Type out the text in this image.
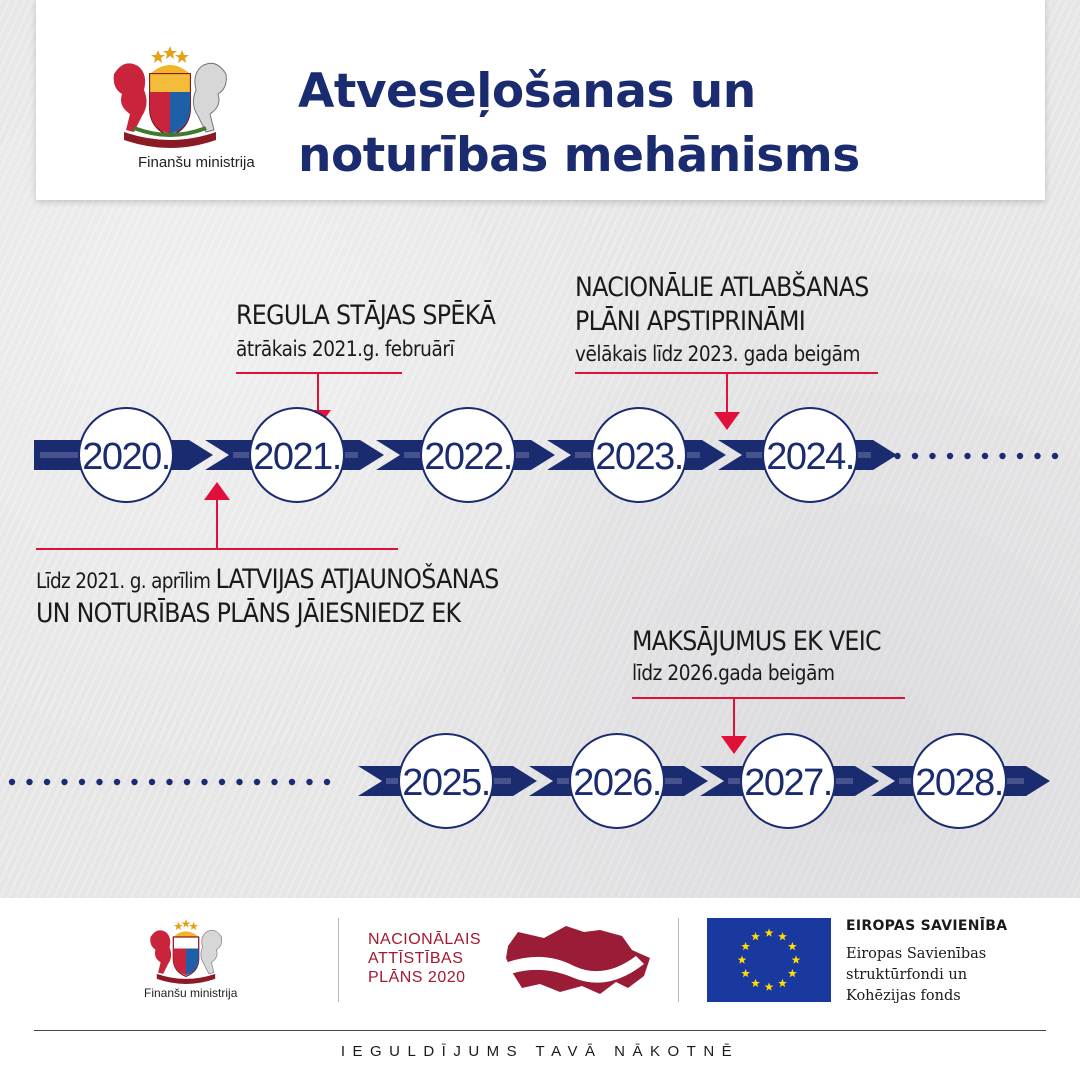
Finanšu ministrija
Atveseļošanas un
noturības mehānisms
2020. 2021. 2022. 2023. 2024.
2025. 2026. 2027. 2028.
REGULA STĀJAS SPĒKĀ
ātrākais 2021.g. februārī
NACIONĀLIE ATLABŠANAS
PLĀNI APSTIPRINĀMI
vēlākais līdz 2023. gada beigām
Līdz 2021. g. aprīlim LATVIJAS ATJAUNOŠANAS
UN NOTURĪBAS PLĀNS JĀIESNIEDZ EK
MAKSĀJUMUS EK VEIC
līdz 2026.gada beigām
Finanšu ministrija
NACIONĀLAIS
ATTĪSTĪBAS
PLĀNS 2020
EIROPAS SAVIENĪBA
Eiropas Savienības
struktūrfondi un
Kohēzijas fonds
IEGULDĪJUMS TAVĀ NĀKOTNĒ
